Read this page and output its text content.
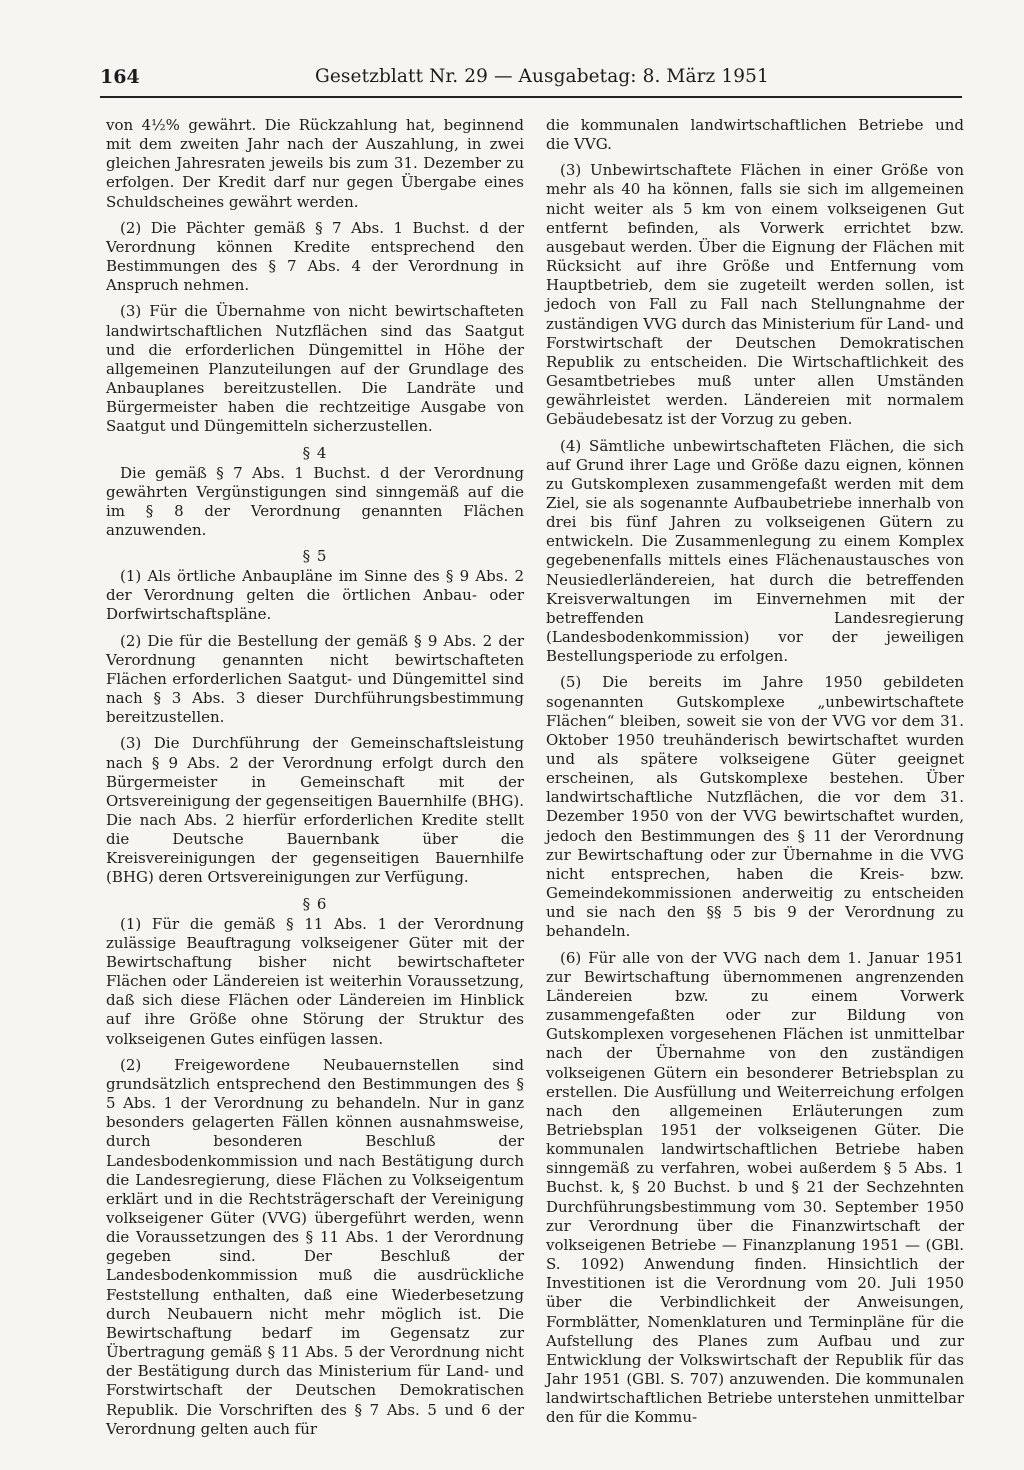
164	Gesetzblatt Nr. 29 — Ausgabetag: 8. März 1951

von 4½% gewährt. Die Rückzahlung hat, beginnend mit dem zweiten Jahr nach der Auszahlung, in zwei gleichen Jahresraten jeweils bis zum 31. Dezember zu erfolgen. Der Kredit darf nur gegen Übergabe eines Schuldscheines gewährt werden.

(2) Die Pächter gemäß § 7 Abs. 1 Buchst. d der Verordnung können Kredite entsprechend den Bestimmungen des § 7 Abs. 4 der Verordnung in Anspruch nehmen.

(3) Für die Übernahme von nicht bewirtschafteten landwirtschaftlichen Nutzflächen sind das Saatgut und die erforderlichen Düngemittel in Höhe der allgemeinen Planzuteilungen auf der Grundlage des Anbauplanes bereitzustellen. Die Landräte und Bürgermeister haben die rechtzeitige Ausgabe von Saatgut und Düngemitteln sicherzustellen.

§ 4

Die gemäß § 7 Abs. 1 Buchst. d der Verordnung gewährten Vergünstigungen sind sinngemäß auf die im § 8 der Verordnung genannten Flächen anzuwenden.

§ 5

(1) Als örtliche Anbaupläne im Sinne des § 9 Abs. 2 der Verordnung gelten die örtlichen Anbau- oder Dorfwirtschaftspläne.

(2) Die für die Bestellung der gemäß § 9 Abs. 2 der Verordnung genannten nicht bewirtschafteten Flächen erforderlichen Saatgut- und Düngemittel sind nach § 3 Abs. 3 dieser Durchführungsbestimmung bereitzustellen.

(3) Die Durchführung der Gemeinschaftsleistung nach § 9 Abs. 2 der Verordnung erfolgt durch den Bürgermeister in Gemeinschaft mit der Ortsvereinigung der gegenseitigen Bauernhilfe (BHG). Die nach Abs. 2 hierfür erforderlichen Kredite stellt die Deutsche Bauernbank über die Kreisvereinigungen der gegenseitigen Bauernhilfe (BHG) deren Ortsvereinigungen zur Verfügung.

§ 6

(1) Für die gemäß § 11 Abs. 1 der Verordnung zulässige Beauftragung volkseigener Güter mit der Bewirtschaftung bisher nicht bewirtschafteter Flächen oder Ländereien ist weiterhin Voraussetzung, daß sich diese Flächen oder Ländereien im Hinblick auf ihre Größe ohne Störung der Struktur des volkseigenen Gutes einfügen lassen.

(2) Freigewordene Neubauernstellen sind grundsätzlich entsprechend den Bestimmungen des § 5 Abs. 1 der Verordnung zu behandeln. Nur in ganz besonders gelagerten Fällen können ausnahmsweise, durch besonderen Beschluß der Landesbodenkommission und nach Bestätigung durch die Landesregierung, diese Flächen zu Volkseigentum erklärt und in die Rechtsträgerschaft der Vereinigung volkseigener Güter (VVG) übergeführt werden, wenn die Voraussetzungen des § 11 Abs. 1 der Verordnung gegeben sind. Der Beschluß der Landesbodenkommission muß die ausdrückliche Feststellung enthalten, daß eine Wiederbesetzung durch Neubauern nicht mehr möglich ist. Die Bewirtschaftung bedarf im Gegensatz zur Übertragung gemäß § 11 Abs. 5 der Verordnung nicht der Bestätigung durch das Ministerium für Land- und Forstwirtschaft der Deutschen Demokratischen Republik. Die Vorschriften des § 7 Abs. 5 und 6 der Verordnung gelten auch für

die kommunalen landwirtschaftlichen Betriebe und die VVG.

(3) Unbewirtschaftete Flächen in einer Größe von mehr als 40 ha können, falls sie sich im allgemeinen nicht weiter als 5 km von einem volkseigenen Gut entfernt befinden, als Vorwerk errichtet bzw. ausgebaut werden. Über die Eignung der Flächen mit Rücksicht auf ihre Größe und Entfernung vom Hauptbetrieb, dem sie zugeteilt werden sollen, ist jedoch von Fall zu Fall nach Stellungnahme der zuständigen VVG durch das Ministerium für Land- und Forstwirtschaft der Deutschen Demokratischen Republik zu entscheiden. Die Wirtschaftlichkeit des Gesamtbetriebes muß unter allen Umständen gewährleistet werden. Ländereien mit normalem Gebäudebesatz ist der Vorzug zu geben.

(4) Sämtliche unbewirtschafteten Flächen, die sich auf Grund ihrer Lage und Größe dazu eignen, können zu Gutskomplexen zusammengefaßt werden mit dem Ziel, sie als sogenannte Aufbaubetriebe innerhalb von drei bis fünf Jahren zu volkseigenen Gütern zu entwickeln. Die Zusammenlegung zu einem Komplex gegebenenfalls mittels eines Flächenaustausches von Neusiedlerländereien, hat durch die betreffenden Kreisverwaltungen im Einvernehmen mit der betreffenden Landesregierung (Landesbodenkommission) vor der jeweiligen Bestellungsperiode zu erfolgen.

(5) Die bereits im Jahre 1950 gebildeten sogenannten Gutskomplexe „unbewirtschaftete Flächen“ bleiben, soweit sie von der VVG vor dem 31. Oktober 1950 treuhänderisch bewirtschaftet wurden und als spätere volkseigene Güter geeignet erscheinen, als Gutskomplexe bestehen. Über landwirtschaftliche Nutzflächen, die vor dem 31. Dezember 1950 von der VVG bewirtschaftet wurden, jedoch den Bestimmungen des § 11 der Verordnung zur Bewirtschaftung oder zur Übernahme in die VVG nicht entsprechen, haben die Kreis- bzw. Gemeindekommissionen anderweitig zu entscheiden und sie nach den §§ 5 bis 9 der Verordnung zu behandeln.

(6) Für alle von der VVG nach dem 1. Januar 1951 zur Bewirtschaftung übernommenen angrenzenden Ländereien bzw. zu einem Vorwerk zusammengefaßten oder zur Bildung von Gutskomplexen vorgesehenen Flächen ist unmittelbar nach der Übernahme von den zuständigen volkseigenen Gütern ein besonderer Betriebsplan zu erstellen. Die Ausfüllung und Weiterreichung erfolgen nach den allgemeinen Erläuterungen zum Betriebsplan 1951 der volkseigenen Güter. Die kommunalen landwirtschaftlichen Betriebe haben sinngemäß zu verfahren, wobei außerdem § 5 Abs. 1 Buchst. k, § 20 Buchst. b und § 21 der Sechzehnten Durchführungsbestimmung vom 30. September 1950 zur Verordnung über die Finanzwirtschaft der volkseigenen Betriebe — Finanzplanung 1951 — (GBl. S. 1092) Anwendung finden. Hinsichtlich der Investitionen ist die Verordnung vom 20. Juli 1950 über die Verbindlichkeit der Anweisungen, Formblätter, Nomenklaturen und Terminpläne für die Aufstellung des Planes zum Aufbau und zur Entwicklung der Volkswirtschaft der Republik für das Jahr 1951 (GBl. S. 707) anzuwenden. Die kommunalen landwirtschaftlichen Betriebe unterstehen unmittelbar den für die Kommu-
